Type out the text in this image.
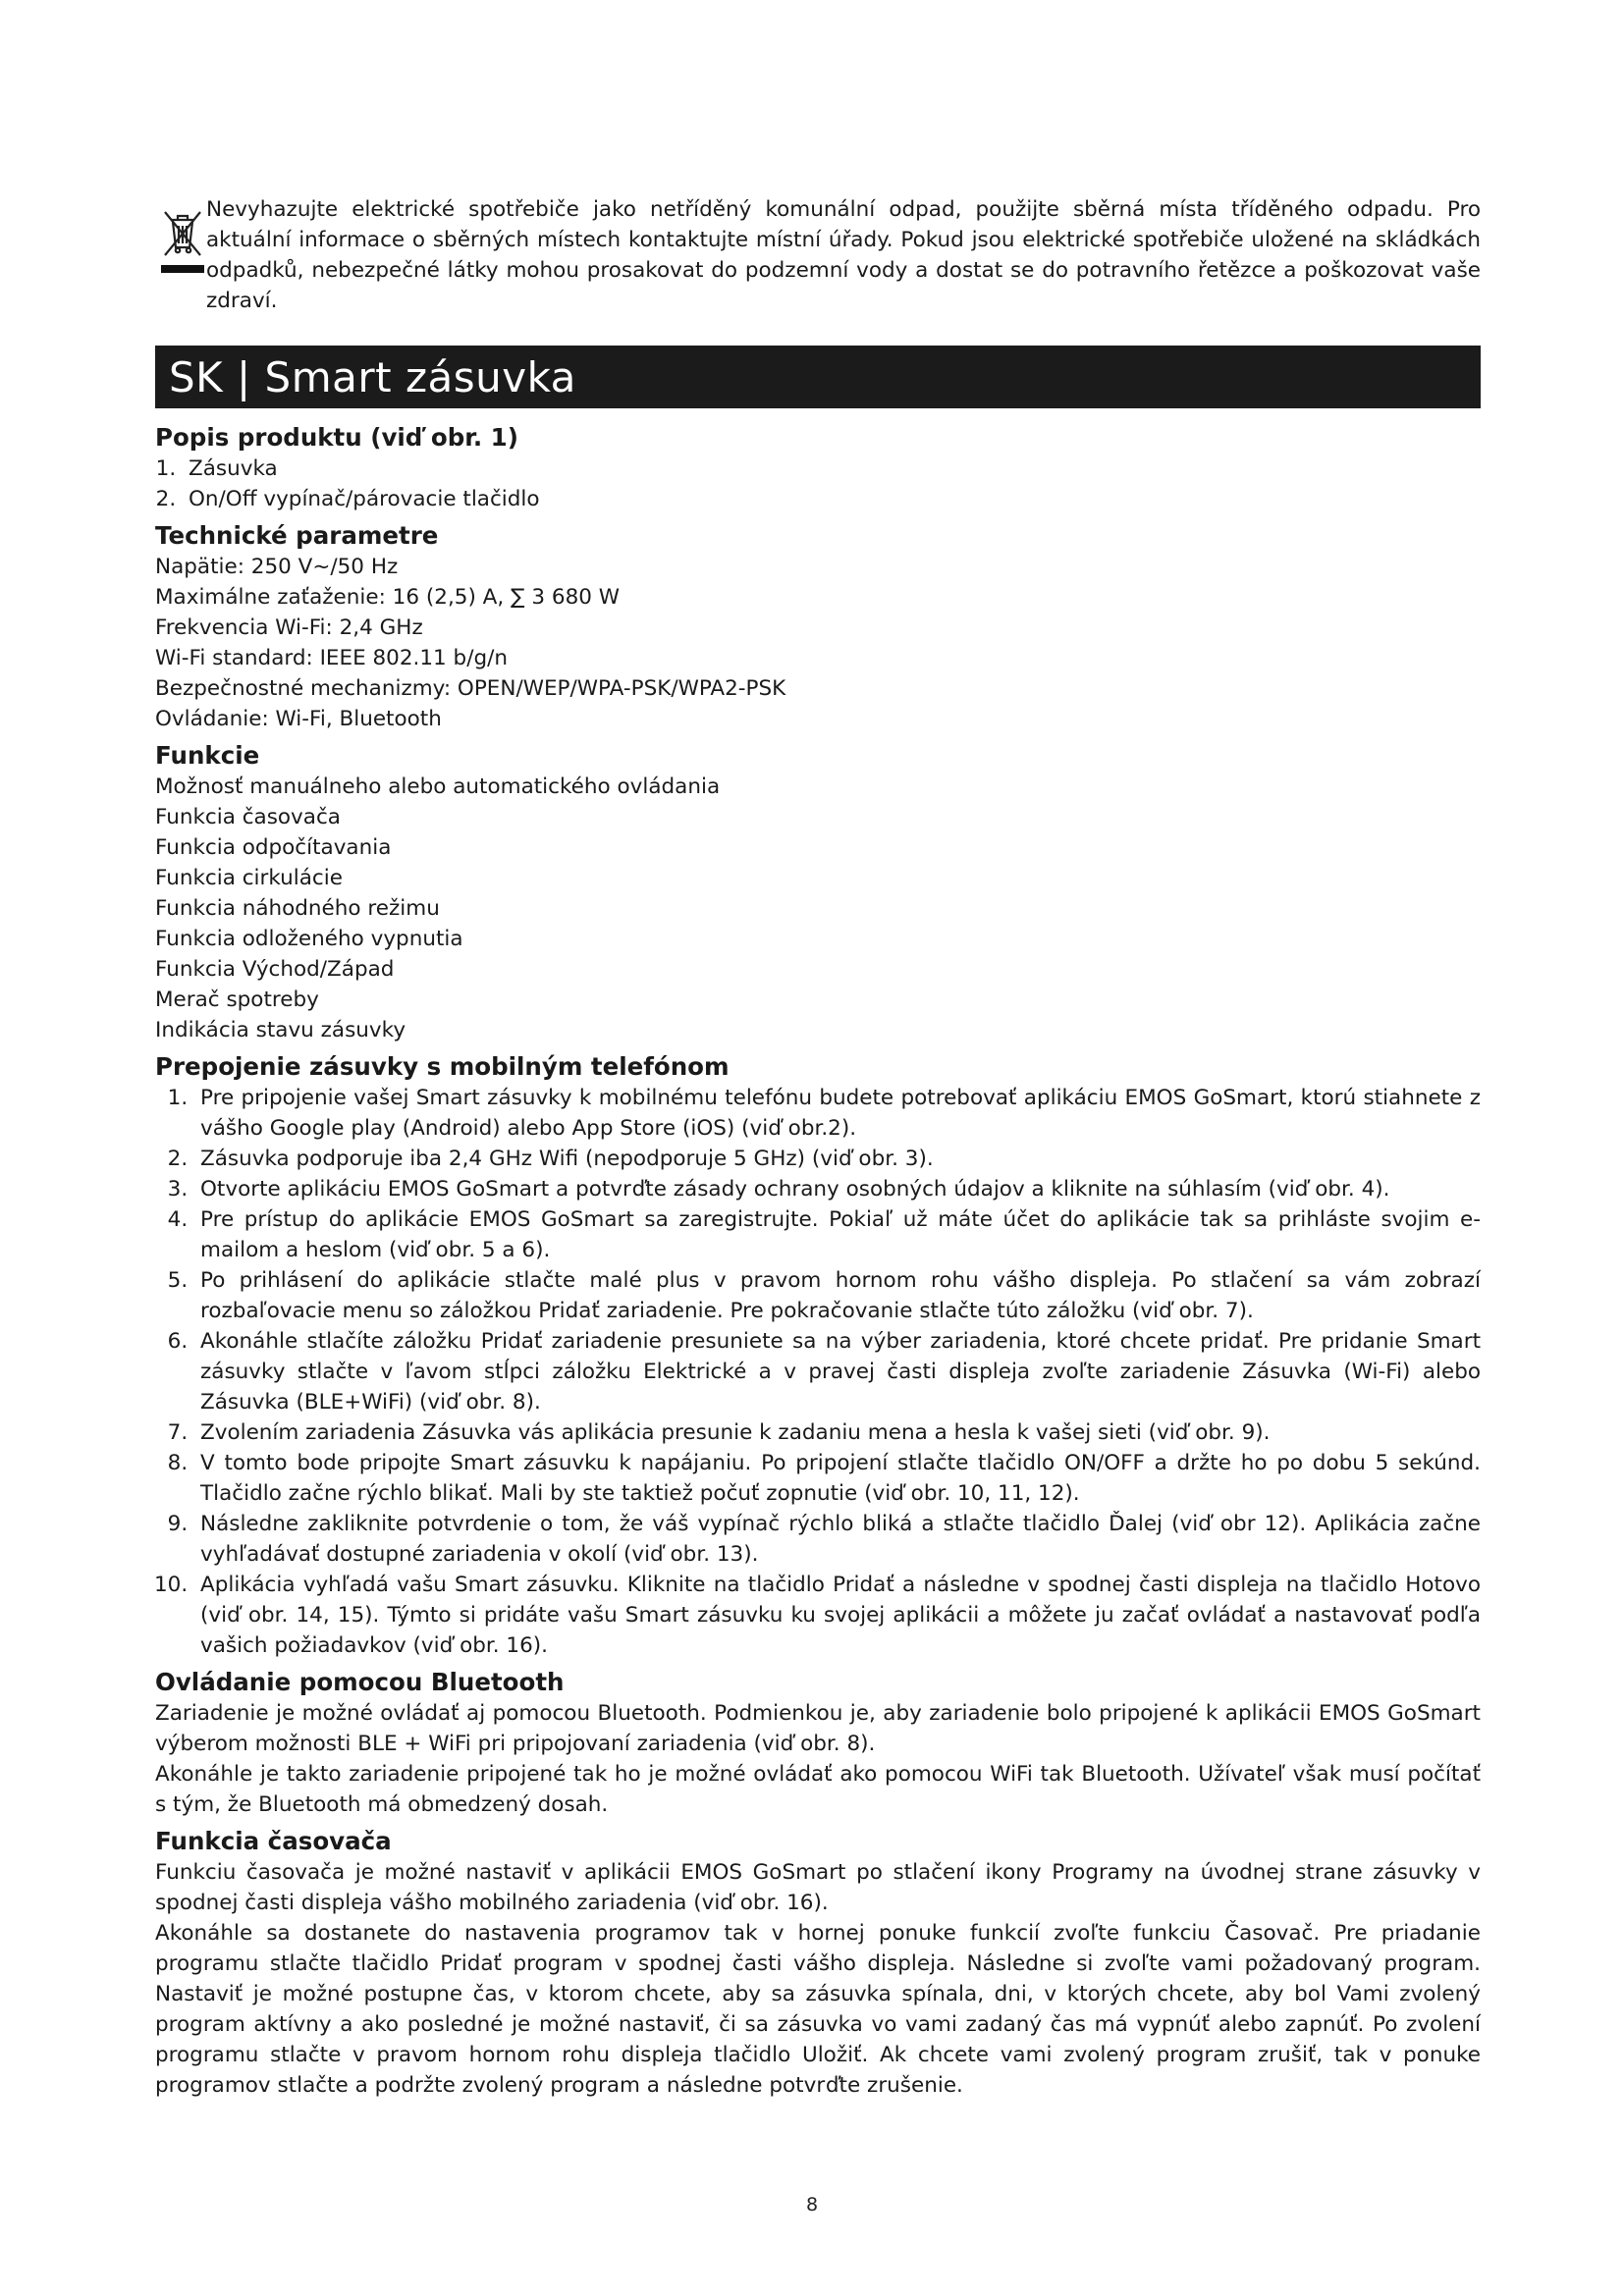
Nevyhazujte elektrické spotřebiče jako netříděný komunální odpad, použijte sběrná místa tříděného odpadu. Pro aktuální informace o sběrných místech kontaktujte místní úřady. Pokud jsou elektrické spotřebiče uložené na skládkách odpadků, nebezpečné látky mohou prosakovat do podzemní vody a dostat se do potravního řetězce a poškozovat vaše zdraví.
SK | Smart zásuvka
Popis produktu (viď obr. 1)
1. Zásuvka
2. On/Off vypínač/párovacie tlačidlo
Technické parametre

Napätie: 250 V~/50 Hz

Maximálne zaťaženie: 16 (2,5) A, ∑ 3 680 W

Frekvencia Wi-Fi: 2,4 GHz

Wi-Fi standard: IEEE 802.11 b/g/n

Bezpečnostné mechanizmy: OPEN/WEP/WPA-PSK/WPA2-PSK

Ovládanie: Wi-Fi, Bluetooth

Funkcie

Možnosť manuálneho alebo automatického ovládania

Funkcia časovača

Funkcia odpočítavania

Funkcia cirkulácie

Funkcia náhodného režimu

Funkcia odloženého vypnutia

Funkcia Východ/Západ

Merač spotreby

Indikácia stavu zásuvky

Prepojenie zásuvky s mobilným telefónom
1. Pre pripojenie vašej Smart zásuvky k mobilnému telefónu budete potrebovať aplikáciu EMOS GoSmart, ktorú stiahnete z vášho Google play (Android) alebo App Store (iOS) (viď obr.2).
2. Zásuvka podporuje iba 2,4 GHz Wifi (nepodporuje 5 GHz) (viď obr. 3).
3. Otvorte aplikáciu EMOS GoSmart a potvrďte zásady ochrany osobných údajov a kliknite na súhlasím (viď obr. 4).
4. Pre prístup do aplikácie EMOS GoSmart sa zaregistrujte. Pokiaľ už máte účet do aplikácie tak sa prihláste svojim e-mailom a heslom (viď obr. 5 a 6).
5. Po prihlásení do aplikácie stlačte malé plus v pravom hornom rohu vášho displeja. Po stlačení sa vám zobrazí rozbaľovacie menu so záložkou Pridať zariadenie. Pre pokračovanie stlačte túto záložku (viď obr. 7).
6. Akonáhle stlačíte záložku Pridať zariadenie presuniete sa na výber zariadenia, ktoré chcete pridať. Pre pridanie Smart zásuvky stlačte v ľavom stĺpci záložku Elektrické a v pravej časti displeja zvoľte zariadenie Zásuvka (Wi-Fi) alebo Zásuvka (BLE+WiFi) (viď obr. 8).
7. Zvolením zariadenia Zásuvka vás aplikácia presunie k zadaniu mena a hesla k vašej sieti (viď obr. 9).
8. V tomto bode pripojte Smart zásuvku k napájaniu. Po pripojení stlačte tlačidlo ON/OFF a držte ho po dobu 5 sekúnd. Tlačidlo začne rýchlo blikať. Mali by ste taktiež počuť zopnutie (viď obr. 10, 11, 12).
9. Následne zakliknite potvrdenie o tom, že váš vypínač rýchlo bliká a stlačte tlačidlo Ďalej (viď obr 12). Aplikácia začne vyhľadávať dostupné zariadenia v okolí (viď obr. 13).
10. Aplikácia vyhľadá vašu Smart zásuvku. Kliknite na tlačidlo Pridať a následne v spodnej časti displeja na tlačidlo Hotovo (viď obr. 14, 15). Týmto si pridáte vašu Smart zásuvku ku svojej aplikácii a môžete ju začať ovládať a nastavovať podľa vašich požiadavkov (viď obr. 16).
Ovládanie pomocou Bluetooth

Zariadenie je možné ovládať aj pomocou Bluetooth. Podmienkou je, aby zariadenie bolo pripojené k aplikácii EMOS GoSmart výberom možnosti BLE + WiFi pri pripojovaní zariadenia (viď obr. 8).

Akonáhle je takto zariadenie pripojené tak ho je možné ovládať ako pomocou WiFi tak Bluetooth. Užívateľ však musí počítať s tým, že Bluetooth má obmedzený dosah.

Funkcia časovača

Funkciu časovača je možné nastaviť v aplikácii EMOS GoSmart po stlačení ikony Programy na úvodnej strane zásuvky v spodnej časti displeja vášho mobilného zariadenia (viď obr. 16).

Akonáhle sa dostanete do nastavenia programov tak v hornej ponuke funkcií zvoľte funkciu Časovač. Pre priadanie programu stlačte tlačidlo Pridať program v spodnej časti vášho displeja. Následne si zvoľte vami požadovaný program. Nastaviť je možné postupne čas, v ktorom chcete, aby sa zásuvka spínala, dni, v ktorých chcete, aby bol Vami zvolený program aktívny a ako posledné je možné nastaviť, či sa zásuvka vo vami zadaný čas má vypnúť alebo zapnúť. Po zvolení programu stlačte v pravom hornom rohu displeja tlačidlo Uložiť. Ak chcete vami zvolený program zrušiť, tak v ponuke programov stlačte a podržte zvolený program a následne potvrďte zrušenie.

8
